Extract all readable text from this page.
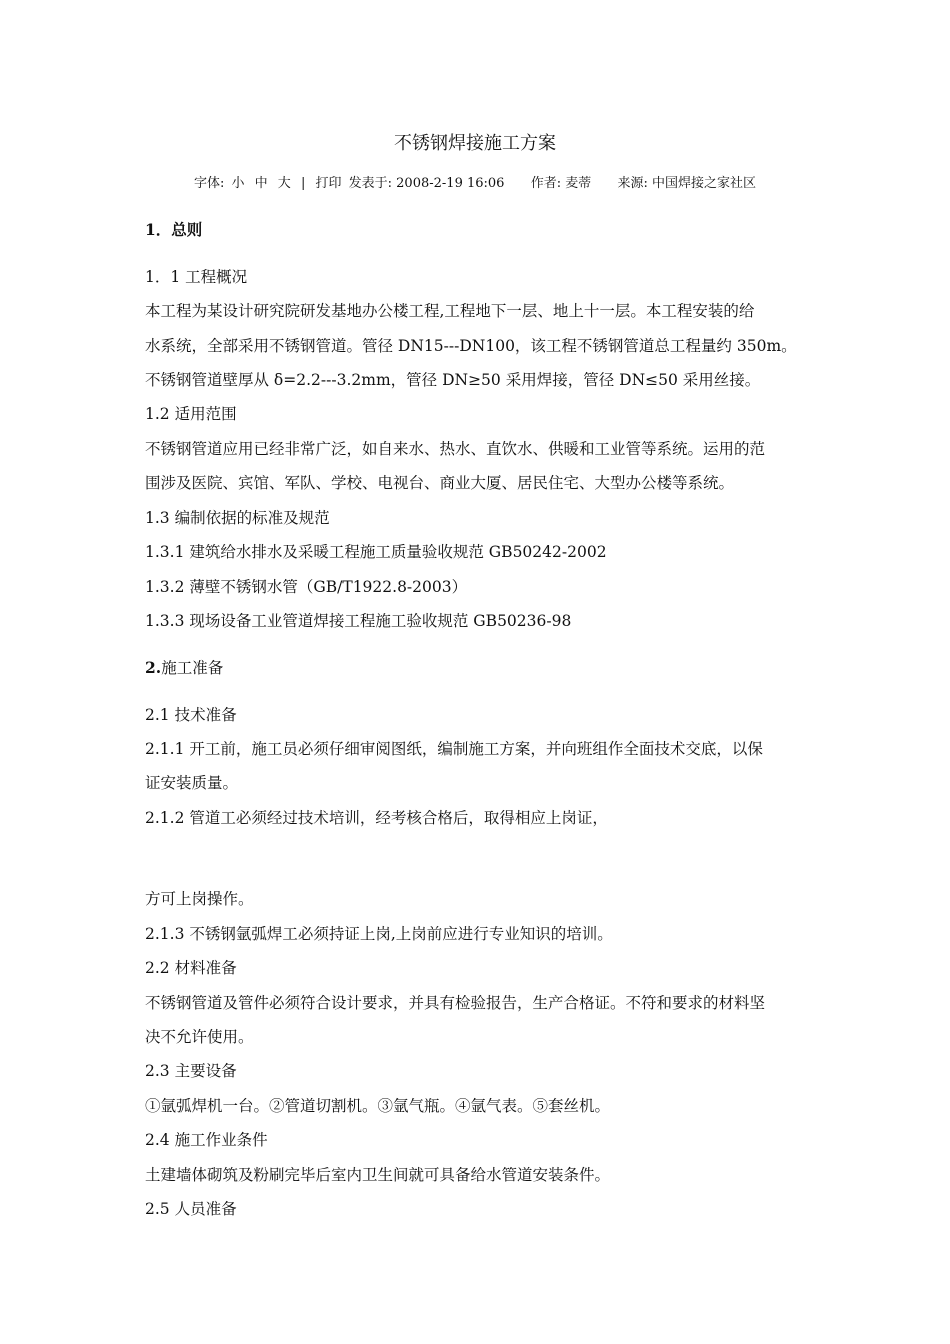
不锈钢焊接施工方案
字体: 小 中 大 | 打印 发表于: 2008-2-19 16:06 作者: 麦蒂 来源: 中国焊接之家社区
1．总则
1．1 工程概况
本工程为某设计研究院研发基地办公楼工程,工程地下一层、地上十一层。本工程安装的给
水系统，全部采用不锈钢管道。管径 DN15---DN100，该工程不锈钢管道总工程量约 350m。
不锈钢管道壁厚从 δ=2.2---3.2mm，管径 DN≥50 采用焊接，管径 DN≤50 采用丝接。
1.2 适用范围
不锈钢管道应用已经非常广泛，如自来水、热水、直饮水、供暖和工业管等系统。运用的范
围涉及医院、宾馆、军队、学校、电视台、商业大厦、居民住宅、大型办公楼等系统。
1.3 编制依据的标准及规范
1.3.1 建筑给水排水及采暖工程施工质量验收规范 GB50242-2002
1.3.2 薄壁不锈钢水管（GB/T1922.8-2003）
1.3.3 现场设备工业管道焊接工程施工验收规范 GB50236-98
2.施工准备
2.1 技术准备
2.1.1 开工前，施工员必须仔细审阅图纸，编制施工方案，并向班组作全面技术交底，以保
证安装质量。
2.1.2 管道工必须经过技术培训，经考核合格后，取得相应上岗证，
方可上岗操作。
2.1.3 不锈钢氩弧焊工必须持证上岗,上岗前应进行专业知识的培训。
2.2 材料准备
不锈钢管道及管件必须符合设计要求，并具有检验报告，生产合格证。不符和要求的材料坚
决不允许使用。
2.3 主要设备
①氩弧焊机一台。②管道切割机。③氩气瓶。④氩气表。⑤套丝机。
2.4 施工作业条件
土建墙体砌筑及粉刷完毕后室内卫生间就可具备给水管道安装条件。
2.5 人员准备
